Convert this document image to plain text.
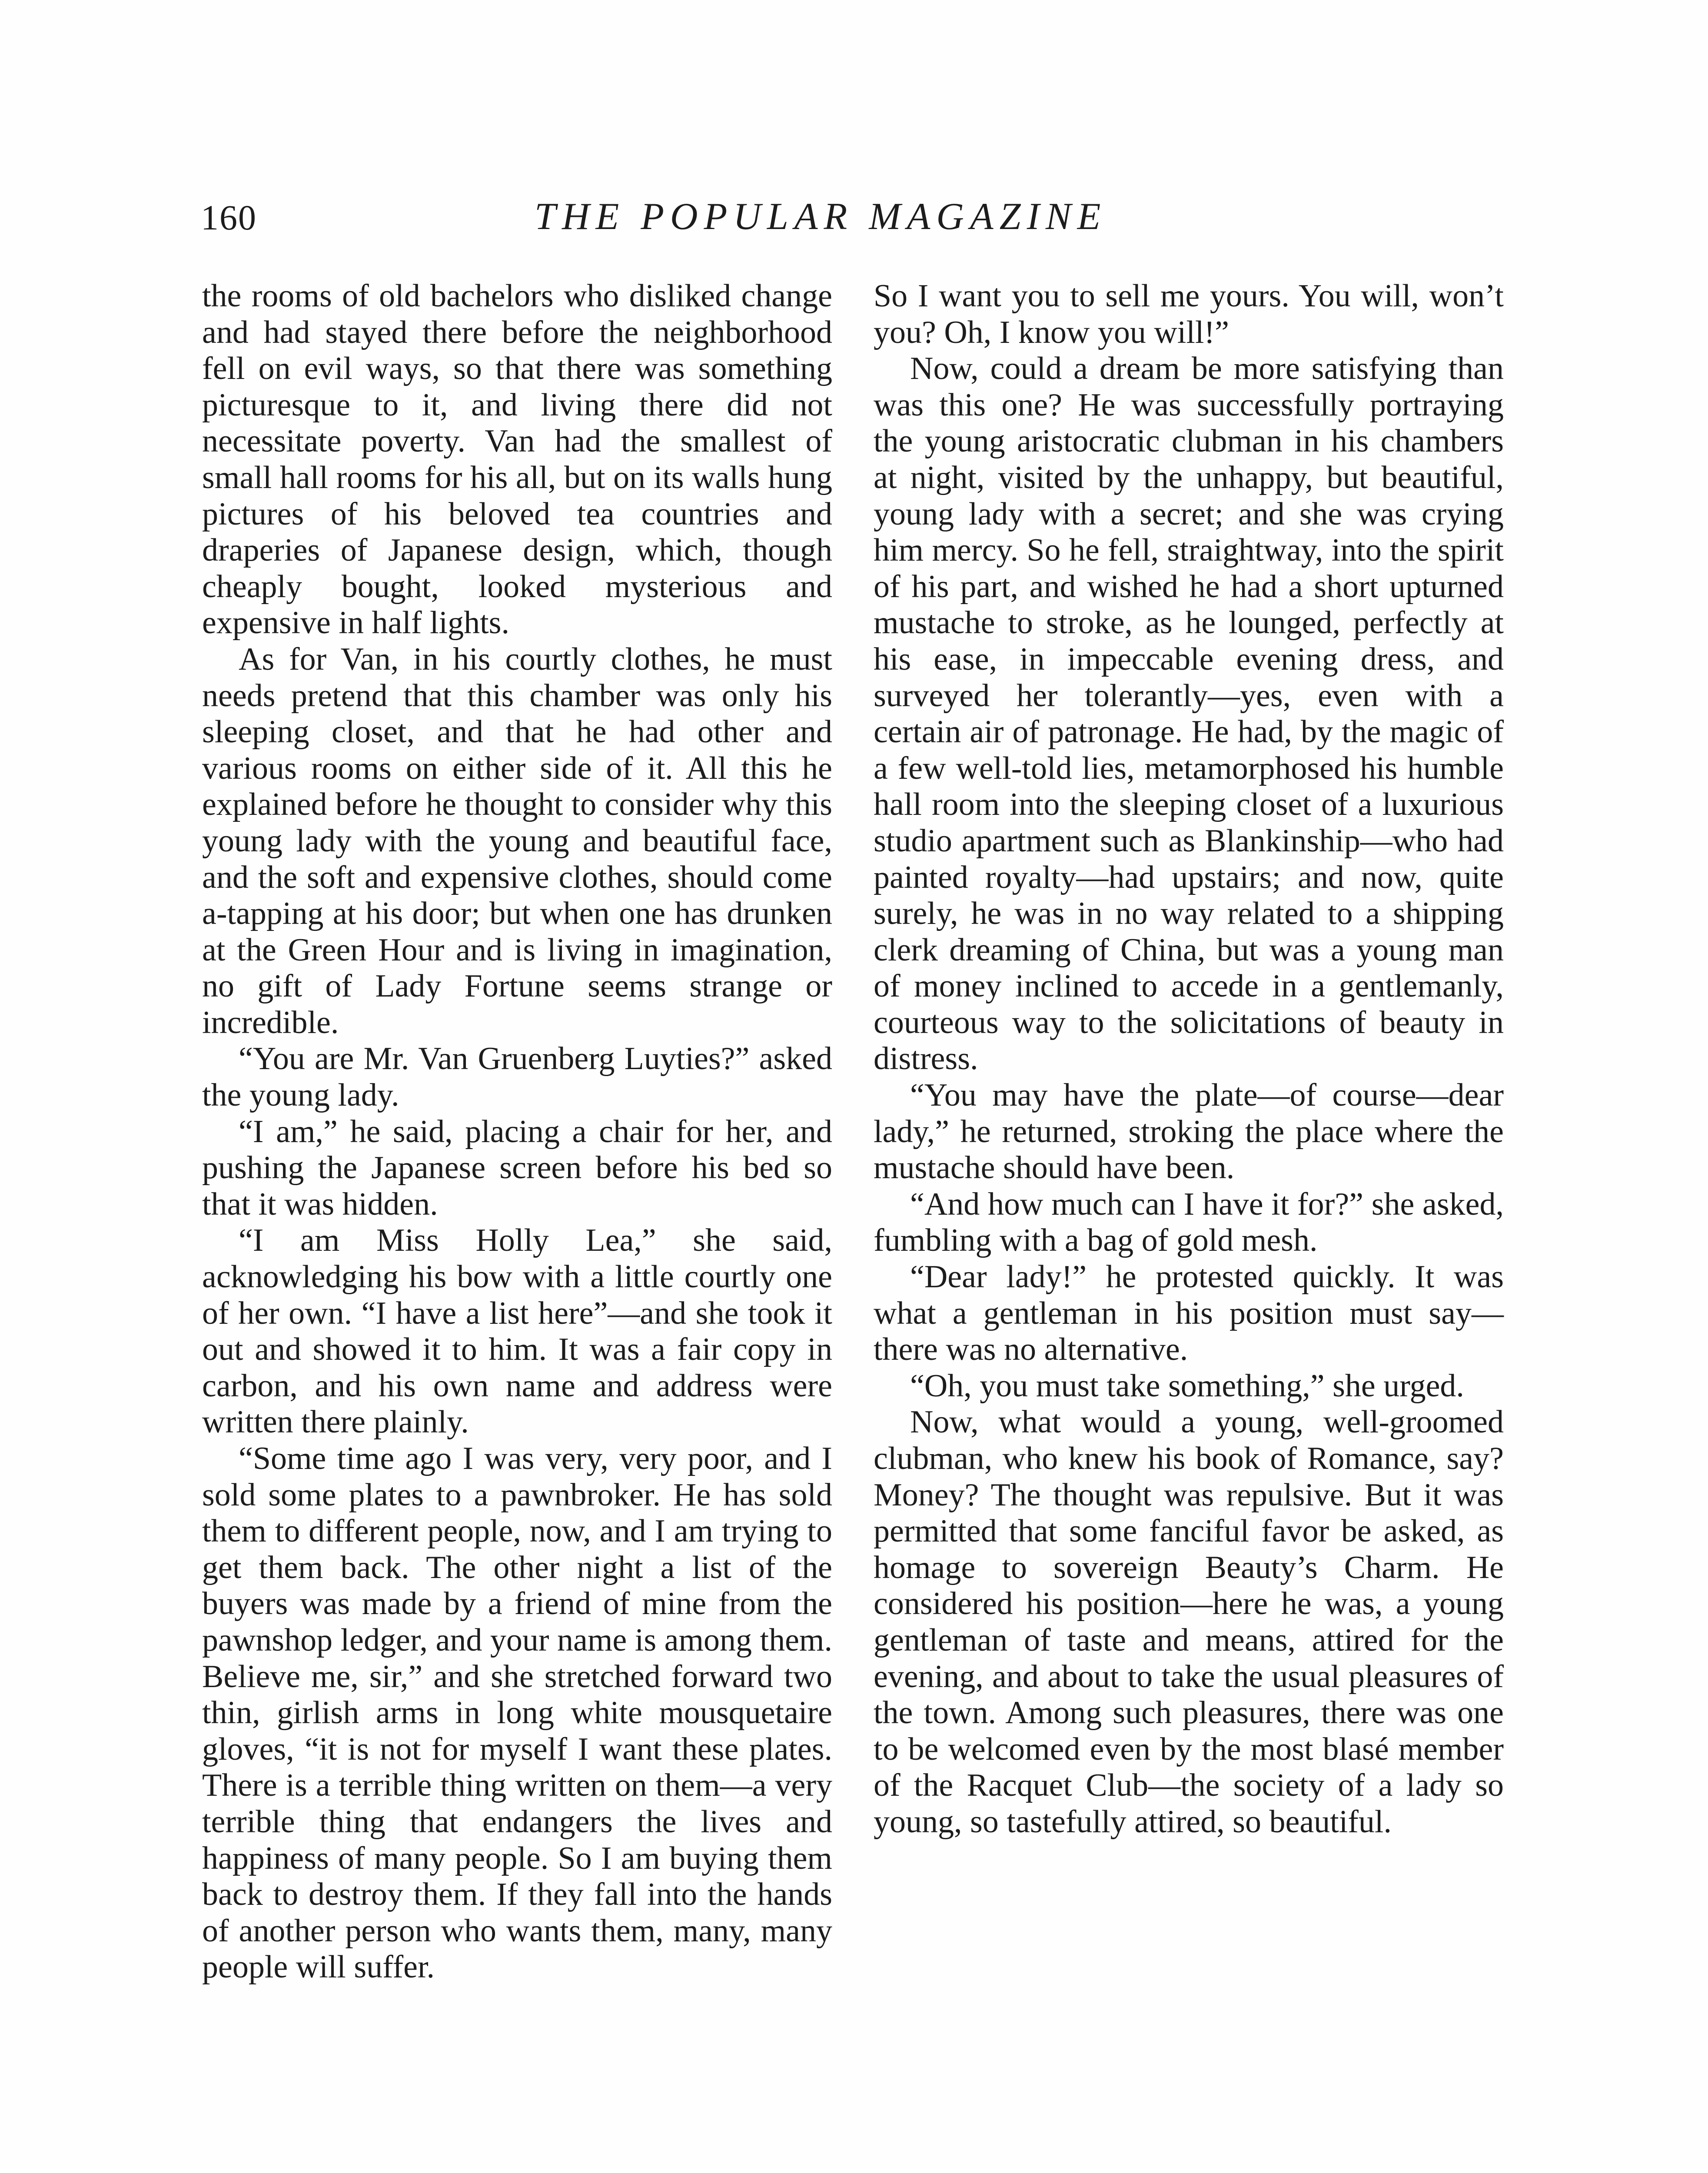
160	THE POPULAR MAGAZINE

the rooms of old bachelors who disliked change and had stayed there before the neighborhood fell on evil ways, so that there was something picturesque to it, and living there did not necessitate poverty. Van had the smallest of small hall rooms for his all, but on its walls hung pictures of his beloved tea countries and draperies of Japanese design, which, though cheaply bought, looked mysterious and expensive in half lights.

As for Van, in his courtly clothes, he must needs pretend that this chamber was only his sleeping closet, and that he had other and various rooms on either side of it. All this he explained before he thought to consider why this young lady with the young and beautiful face, and the soft and expensive clothes, should come a-tapping at his door; but when one has drunken at the Green Hour and is living in imagination, no gift of Lady Fortune seems strange or incredible.

“You are Mr. Van Gruenberg Luyties?” asked the young lady.

“I am,” he said, placing a chair for her, and pushing the Japanese screen before his bed so that it was hidden.

“I am Miss Holly Lea,” she said, acknowledging his bow with a little courtly one of her own. “I have a list here”—and she took it out and showed it to him. It was a fair copy in carbon, and his own name and address were written there plainly.

“Some time ago I was very, very poor, and I sold some plates to a pawnbroker. He has sold them to different people, now, and I am trying to get them back. The other night a list of the buyers was made by a friend of mine from the pawnshop ledger, and your name is among them. Believe me, sir,” and she stretched forward two thin, girlish arms in long white mousquetaire gloves, “it is not for myself I want these plates. There is a terrible thing written on them—a very terrible thing that endangers the lives and happiness of many people. So I am buying them back to destroy them. If they fall into the hands of another person who wants them, many, many people will suffer.

So I want you to sell me yours. You will, won’t you? Oh, I know you will!”

Now, could a dream be more satisfying than was this one? He was successfully portraying the young aristocratic clubman in his chambers at night, visited by the unhappy, but beautiful, young lady with a secret; and she was crying him mercy. So he fell, straightway, into the spirit of his part, and wished he had a short upturned mustache to stroke, as he lounged, perfectly at his ease, in impeccable evening dress, and surveyed her tolerantly—yes, even with a certain air of patronage. He had, by the magic of a few well-told lies, metamorphosed his humble hall room into the sleeping closet of a luxurious studio apartment such as Blankinship—who had painted royalty—had upstairs; and now, quite surely, he was in no way related to a shipping clerk dreaming of China, but was a young man of money inclined to accede in a gentlemanly, courteous way to the solicitations of beauty in distress.

“You may have the plate—of course—dear lady,” he returned, stroking the place where the mustache should have been.

“And how much can I have it for?” she asked, fumbling with a bag of gold mesh.

“Dear lady!” he protested quickly. It was what a gentleman in his position must say—there was no alternative.

“Oh, you must take something,” she urged.

Now, what would a young, well-groomed clubman, who knew his book of Romance, say? Money? The thought was repulsive. But it was permitted that some fanciful favor be asked, as homage to sovereign Beauty’s Charm. He considered his position—here he was, a young gentleman of taste and means, attired for the evening, and about to take the usual pleasures of the town. Among such pleasures, there was one to be welcomed even by the most blasé member of the Racquet Club—the society of a lady so young, so tastefully attired, so beautiful.
